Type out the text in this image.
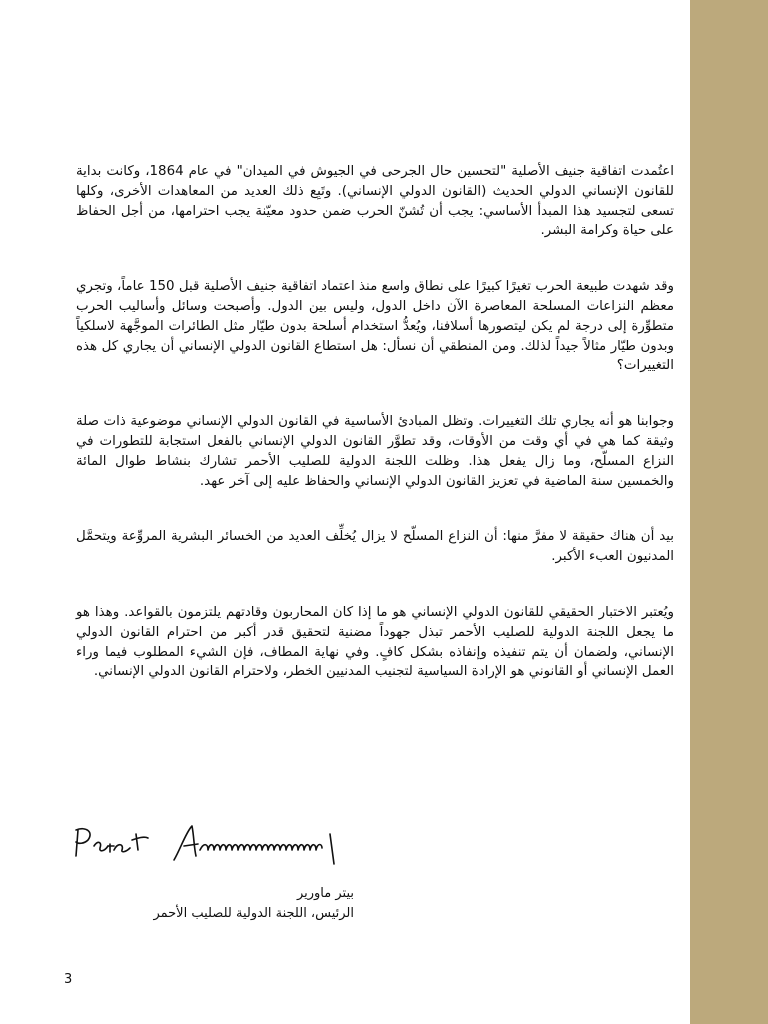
اعتُمدت اتفاقية جنيف الأصلية "لتحسين حال الجرحى في الجيوش في الميدان" في عام 1864، وكانت بداية للقانون الإنساني الدولي الحديث (القانون الدولي الإنساني). وتَبِع ذلك العديد من المعاهدات الأخرى، وكلها تسعى لتجسيد هذا المبدأ الأساسي: يجب أن تُشنّ الحرب ضمن حدود معيّنة يجب احترامها، من أجل الحفاظ على حياة وكرامة البشر.

وقد شهدت طبيعة الحرب تغيرًا كبيرًا على نطاق واسع منذ اعتماد اتفاقية جنيف الأصلية قبل 150 عاماً، وتجري معظم النزاعات المسلحة المعاصرة الآن داخل الدول، وليس بين الدول. وأصبحت وسائل وأساليب الحرب متطوِّرة إلى درجة لم يكن ليتصورها أسلافنا، ويُعدُّ استخدام أسلحة بدون طيّار مثل الطائرات الموجَّهة لاسلكياً وبدون طيّار مثالاً جيداً لذلك. ومن المنطقي أن نسأل: هل استطاع القانون الدولي الإنساني أن يجاري كل هذه التغييرات؟

وجوابنا هو أنه يجاري تلك التغييرات. وتظل المبادئ الأساسية في القانون الدولي الإنساني موضوعية ذات صلة وثيقة كما هي في أي وقت من الأوقات، وقد تطوَّر القانون الدولي الإنساني بالفعل استجابة للتطورات في النزاع المسلّح، وما زال يفعل هذا. وظلت اللجنة الدولية للصليب الأحمر تشارك بنشاط طوال المائة والخمسين سنة الماضية في تعزيز القانون الدولي الإنساني والحفاظ عليه إلى آخر عهد.

بيد أن هناك حقيقة لا مفرَّ منها: أن النزاع المسلّح لا يزال يُخلِّف العديد من الخسائر البشرية المروِّعة ويتحمَّل المدنيون العبء الأكبر.

ويُعتبر الاختبار الحقيقي للقانون الدولي الإنساني هو ما إذا كان المحاربون وقادتهم يلتزمون بالقواعد. وهذا هو ما يجعل اللجنة الدولية للصليب الأحمر تبذل جهوداً مضنية لتحقيق قدر أكبر من احترام القانون الدولي الإنساني، ولضمان أن يتم تنفيذه وإنفاذه بشكل كافٍ. وفي نهاية المطاف، فإن الشيء المطلوب فيما وراء العمل الإنساني أو القانوني هو الإرادة السياسية لتجنيب المدنيين الخطر، ولاحترام القانون الدولي الإنساني.

بيتر ماورير
الرئيس، اللجنة الدولية للصليب الأحمر
3
